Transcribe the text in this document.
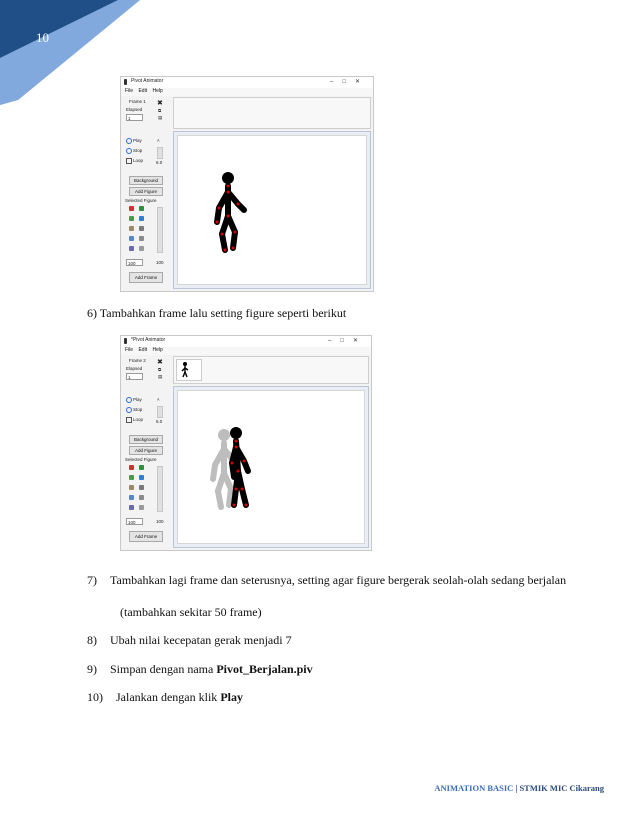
10
Pivot Animator	–□✕
File Edit Help
Frame 1
Elapsed
1
✖
⧉
▤
Play
Stop
Loop
˄
6.0
Background
Add Figure
Selected Figure
100	100
Add Frame
6) Tambahkan frame lalu setting figure seperti berikut
*Pivot Animator	–□✕
File Edit Help
Frame 2
Elapsed
1
✖
⧉
▤
Play
Stop
Loop
˄
6.0
Background
Add Figure
Selected Figure
100	100
Add Frame
7) Tambahkan lagi frame dan seterusnya, setting agar figure bergerak seolah-olah sedang berjalan
(tambahkan sekitar 50 frame)
8) Ubah nilai kecepatan gerak menjadi 7
9) Simpan dengan nama Pivot_Berjalan.piv
10) Jalankan dengan klik Play
ANIMATION BASIC | STMIK MIC Cikarang
